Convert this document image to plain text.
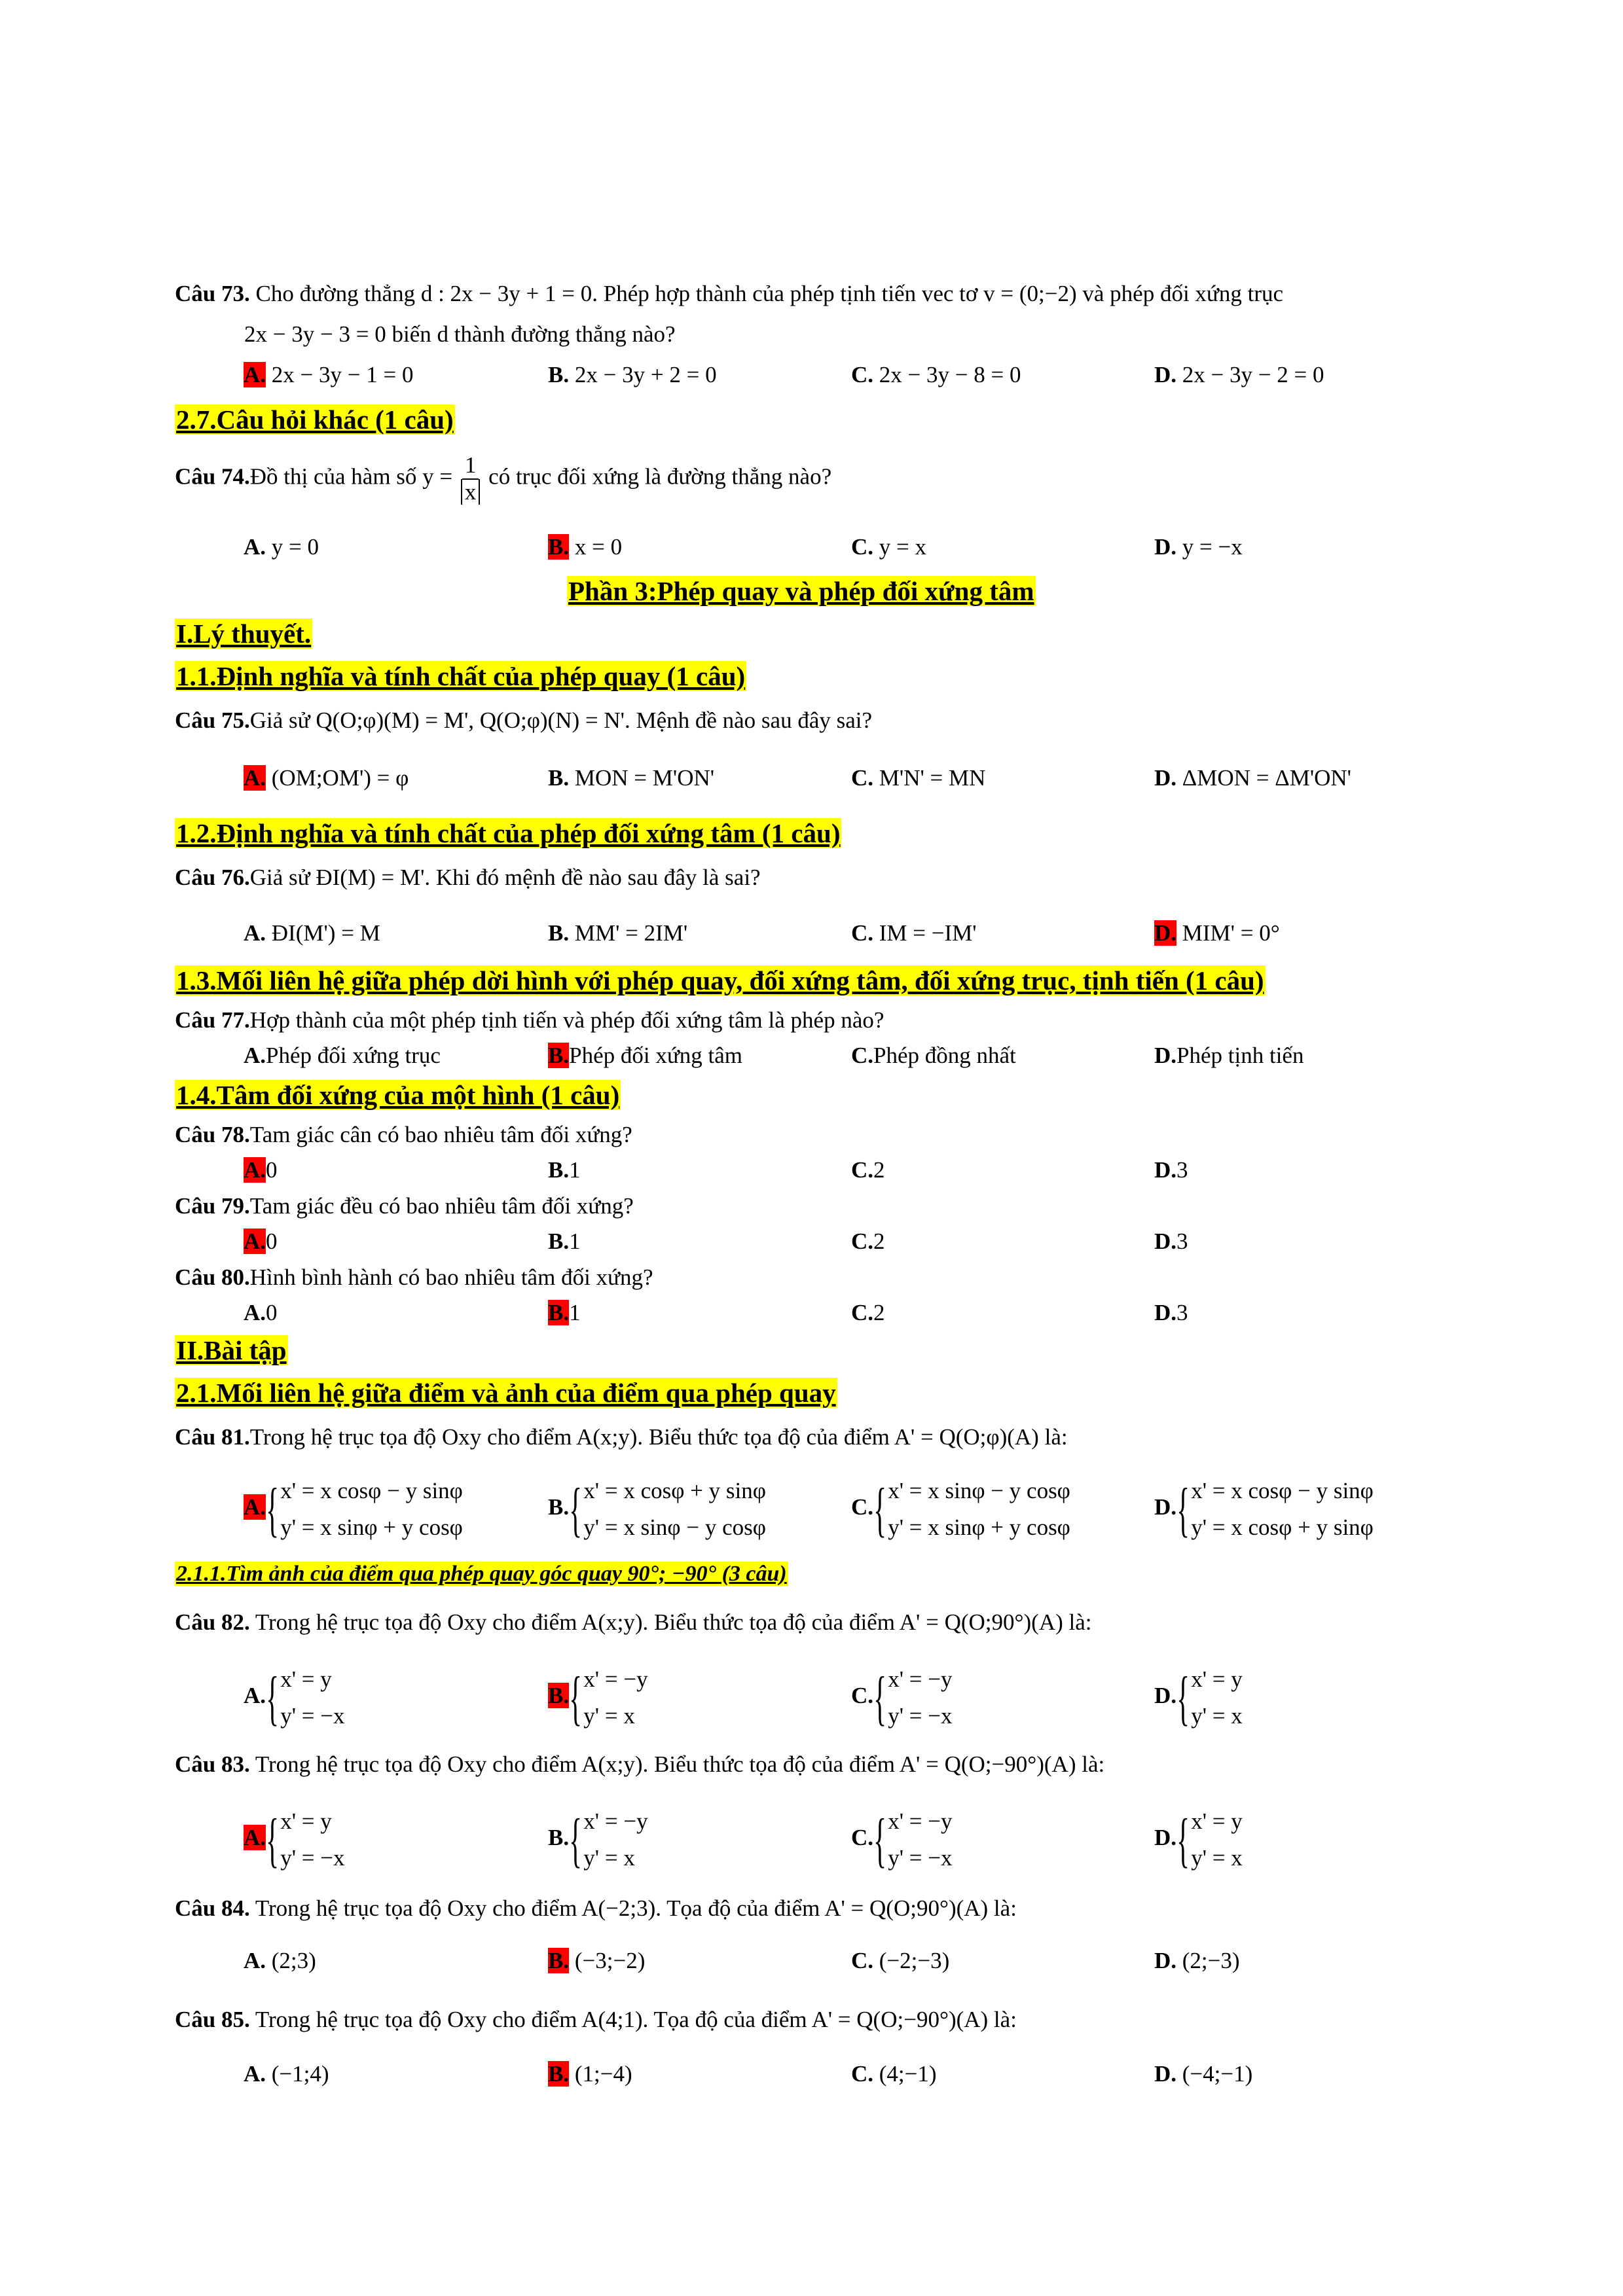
Câu 73. Cho đường thẳng d : 2x − 3y + 1 = 0. Phép hợp thành của phép tịnh tiến vec tơ v = (0;−2) và phép đối xứng trục
2x − 3y − 3 = 0 biến d thành đường thẳng nào?
A. 2x − 3y − 1 = 0	B. 2x − 3y + 2 = 0	C. 2x − 3y − 8 = 0	D. 2x − 3y − 2 = 0
2.7.Câu hỏi khác (1 câu)
Câu 74.Đồ thị của hàm số $y = \frac{1}{x}$ có trục đối xứng là đường thẳng nào?
A. y = 0	B. x = 0	C. y = x	D. y = −x
Phần 3:Phép quay và phép đối xứng tâm
I.Lý thuyết.
1.1.Định nghĩa và tính chất của phép quay (1 câu)
Câu 75.Giả sử Q(O;φ)(M) = M', Q(O;φ)(N) = N'. Mệnh đề nào sau đây sai?
A. (OM;OM') = φ	B. MON = M'ON'	C. M'N' = MN	D. ΔMON = ΔM'ON'
1.2.Định nghĩa và tính chất của phép đối xứng tâm (1 câu)
Câu 76.Giả sử ĐI(M) = M'. Khi đó mệnh đề nào sau đây là sai?
A. ĐI(M') = M	B. MM' = 2IM'	C. IM = −IM'	D. MIM' = 0°
1.3.Mối liên hệ giữa phép dời hình với phép quay, đối xứng tâm, đối xứng trục, tịnh tiến (1 câu)
Câu 77.Hợp thành của một phép tịnh tiến và phép đối xứng tâm là phép nào?
A.Phép đối xứng trục	B.Phép đối xứng tâm	C.Phép đồng nhất	D.Phép tịnh tiến
1.4.Tâm đối xứng của một hình (1 câu)
Câu 78.Tam giác cân có bao nhiêu tâm đối xứng?
A.0	B.1	C.2	D.3
Câu 79.Tam giác đều có bao nhiêu tâm đối xứng?
A.0	B.1	C.2	D.3
Câu 80.Hình bình hành có bao nhiêu tâm đối xứng?
A.0	B.1	C.2	D.3
II.Bài tập
2.1.Mối liên hệ giữa điểm và ảnh của điểm qua phép quay
Câu 81.Trong hệ trục tọa độ Oxy cho điểm A(x;y). Biểu thức tọa độ của điểm A' = Q(O;φ)(A) là:
A. { x' = x cosφ − y sinφ
y' = x sinφ + y cosφ
B. { x' = x cosφ + y sinφ
y' = x sinφ − y cosφ
C. { x' = x sinφ − y cosφ
y' = x sinφ + y cosφ
D. { x' = x cosφ − y sinφ
y' = x cosφ + y sinφ
2.1.1.Tìm ảnh của điểm qua phép quay góc quay 90°; −90° (3 câu)
Câu 82. Trong hệ trục tọa độ Oxy cho điểm A(x;y). Biểu thức tọa độ của điểm A' = Q(O;90°)(A) là:
A. { x' = y
y' = −x
B. { x' = −y
y' = x
C. { x' = −y
y' = −x
D. { x' = y
y' = x
Câu 83. Trong hệ trục tọa độ Oxy cho điểm A(x;y). Biểu thức tọa độ của điểm A' = Q(O;−90°)(A) là:
A. { x' = y
y' = −x
B. { x' = −y
y' = x
C. { x' = −y
y' = −x
D. { x' = y
y' = x
Câu 84. Trong hệ trục tọa độ Oxy cho điểm A(−2;3). Tọa độ của điểm A' = Q(O;90°)(A) là:
A. (2;3)	B. (−3;−2)	C. (−2;−3)	D. (2;−3)
Câu 85. Trong hệ trục tọa độ Oxy cho điểm A(4;1). Tọa độ của điểm A' = Q(O;−90°)(A) là:
A. (−1;4)	B. (1;−4)	C. (4;−1)	D. (−4;−1)
